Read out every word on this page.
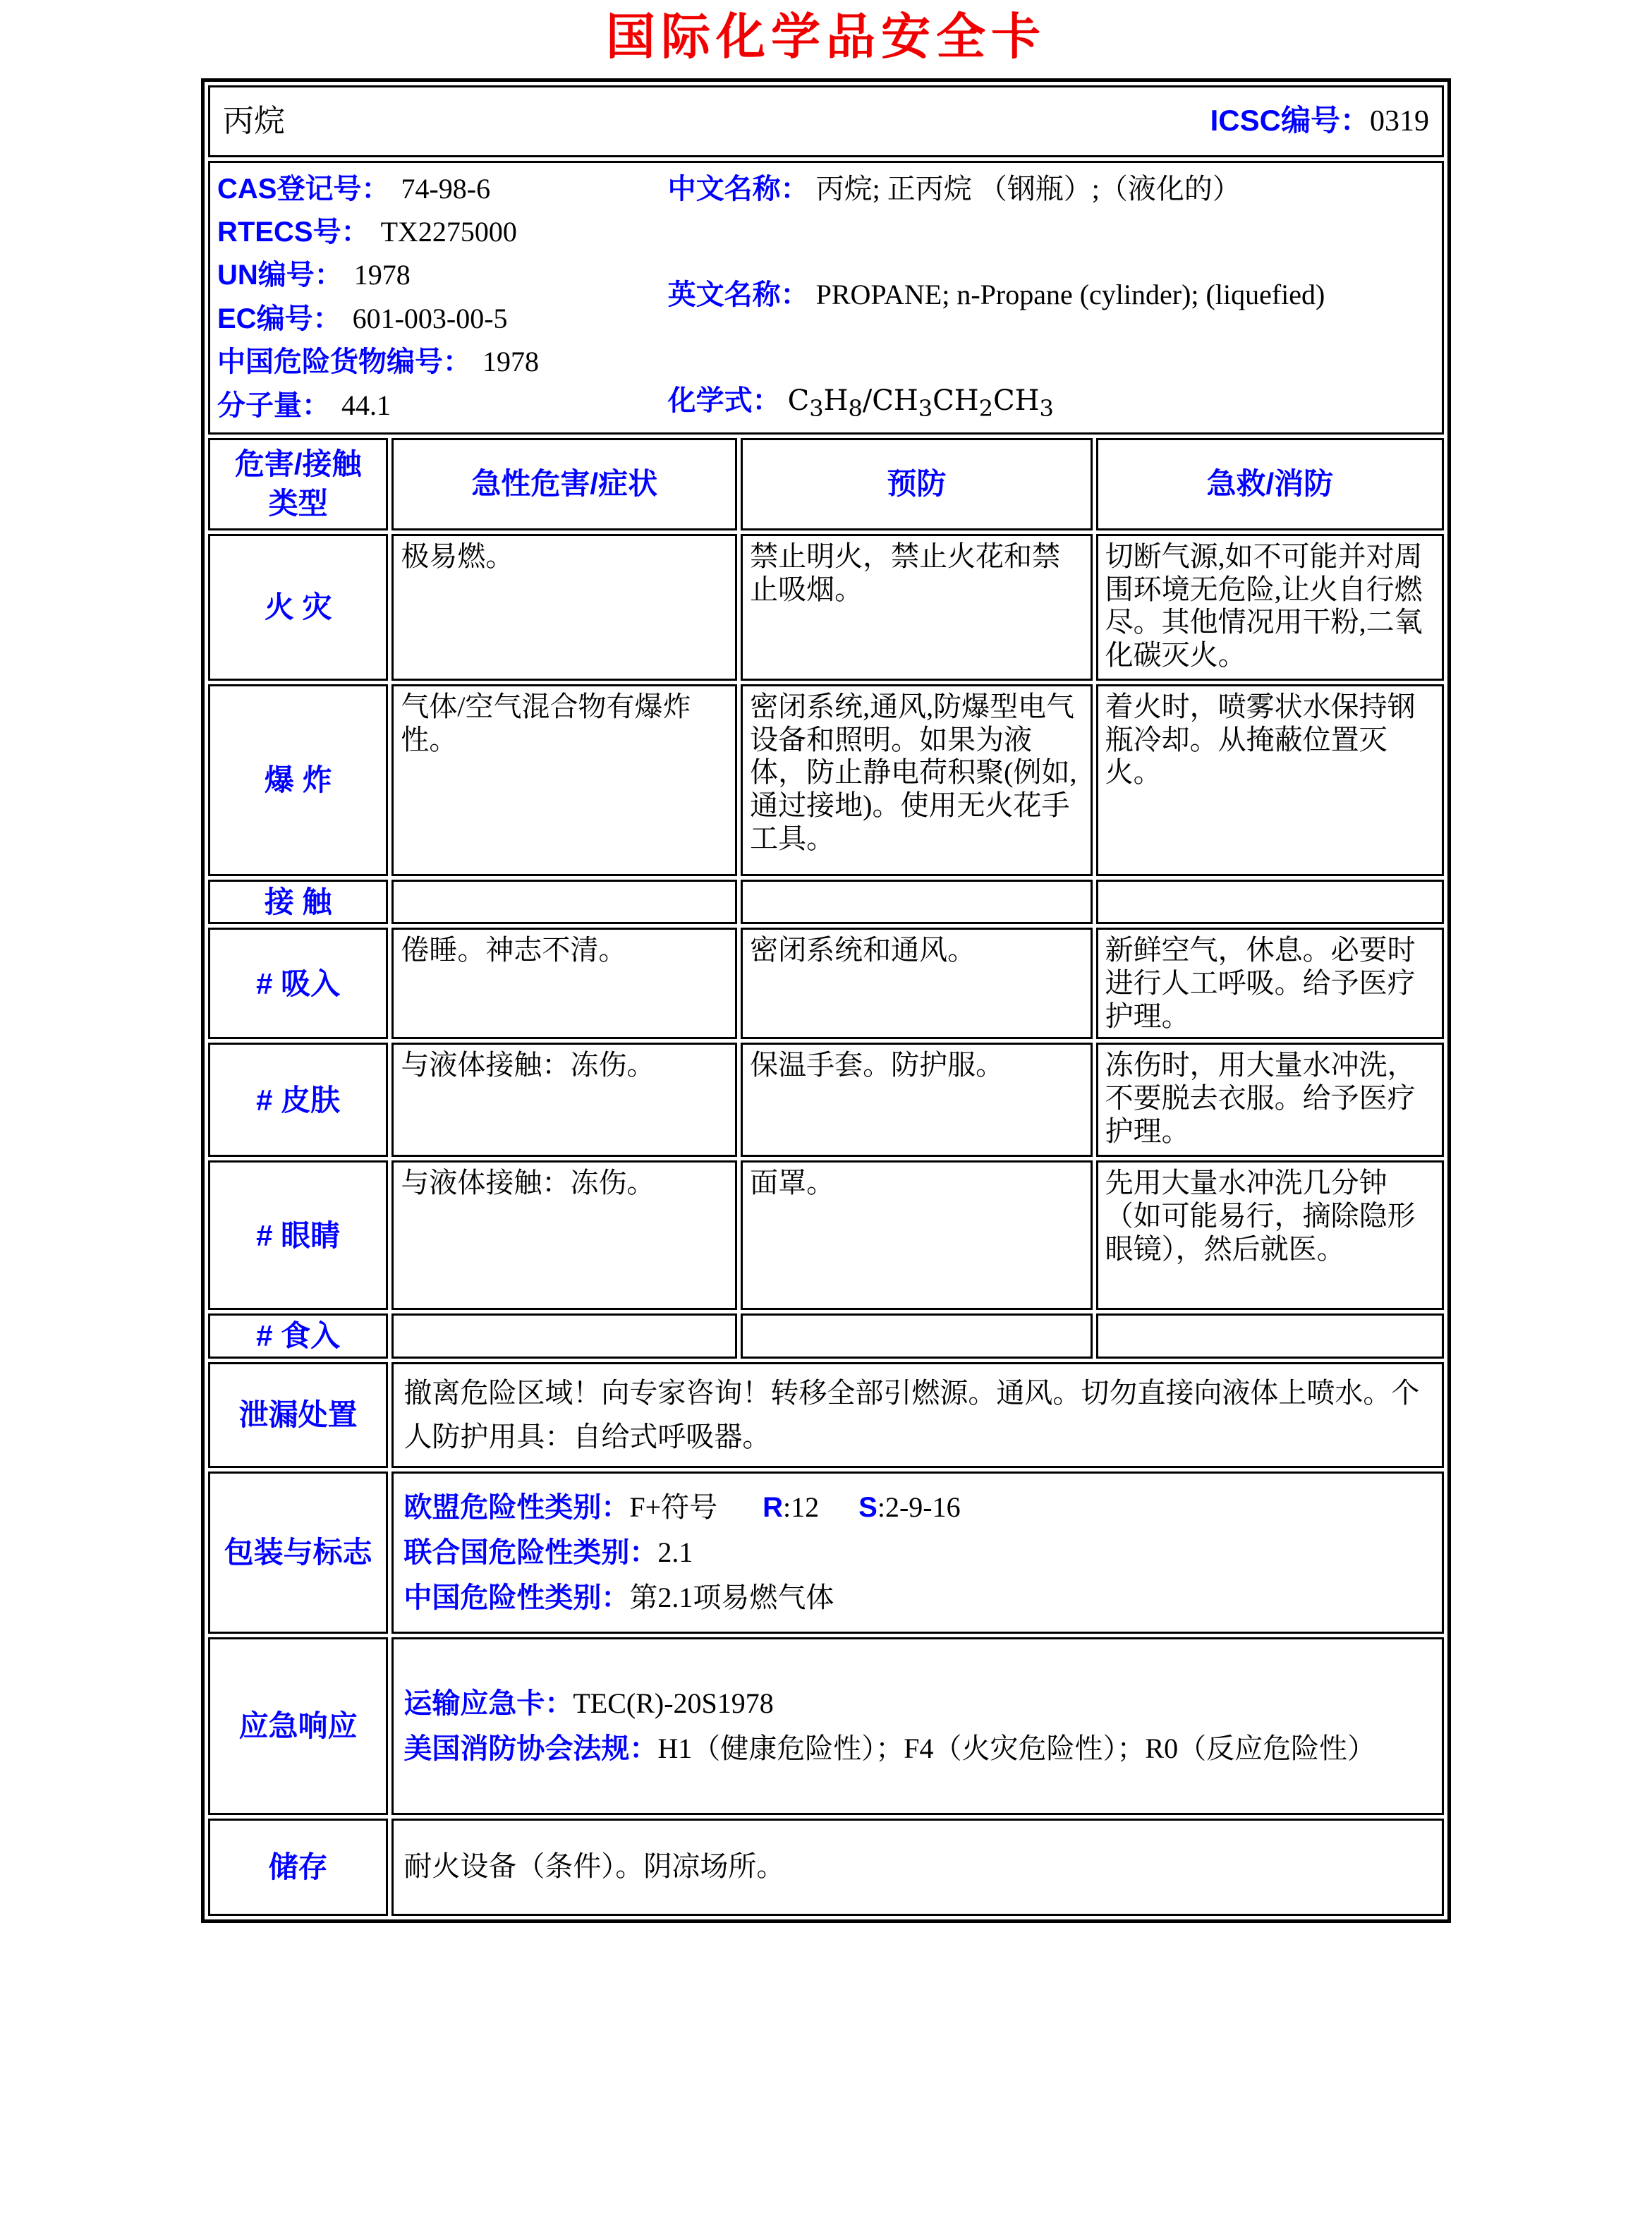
国际化学品安全卡
丙烷 ICSC编号：0319			

CAS登记号： 74-98-6
RTECS号： TX2275000
UN编号： 1978
EC编号： 601-003-00-5
中国危险货物编号： 1978
分子量： 44.1
中文名称： 丙烷; 正丙烷 （钢瓶）;（液化的）
英文名称： PROPANE; n-Propane (cylinder); (liquefied)
化学式： $C_3H_8/CH_3CH_2CH_3$

危害/接触
类型	急性危害/症状	预防	急救/消防
火 灾	极易燃。	禁止明火，禁止火花和禁止吸烟。	切断气源,如不可能并对周围环境无危险,让火自行燃尽。其他情况用干粉,二氧化碳灭火。
爆 炸	气体/空气混合物有爆炸性。	密闭系统,通风,防爆型电气设备和照明。如果为液体，防止静电荷积聚(例如,通过接地)。使用无火花手工具。	着火时，喷雾状水保持钢瓶冷却。从掩蔽位置灭火。
接 触			
# 吸入	倦睡。神志不清。	密闭系统和通风。	新鲜空气，休息。必要时进行人工呼吸。给予医疗护理。
# 皮肤	与液体接触：冻伤。	保温手套。防护服。	冻伤时，用大量水冲洗，不要脱去衣服。给予医疗护理。
# 眼睛	与液体接触：冻伤。	面罩。	先用大量水冲洗几分钟 （如可能易行，摘除隐形眼镜），然后就医。
# 食入			
泄漏处置	撤离危险区域！向专家咨询！转移全部引燃源。通风。切勿直接向液体上喷水。个人防护用具：自给式呼吸器。		
包装与标志	欧盟危险性类别：F+符号 R:12 S:2-9-16
联合国危险性类别：2.1
中国危险性类别：第2.1项易燃气体		

应急响应	运输应急卡：TEC(R)-20S1978
美国消防协会法规：H1（健康危险性）；F4（火灾危险性）；R0（反应危险性）		

储存	耐火设备（条件）。阴凉场所。		
